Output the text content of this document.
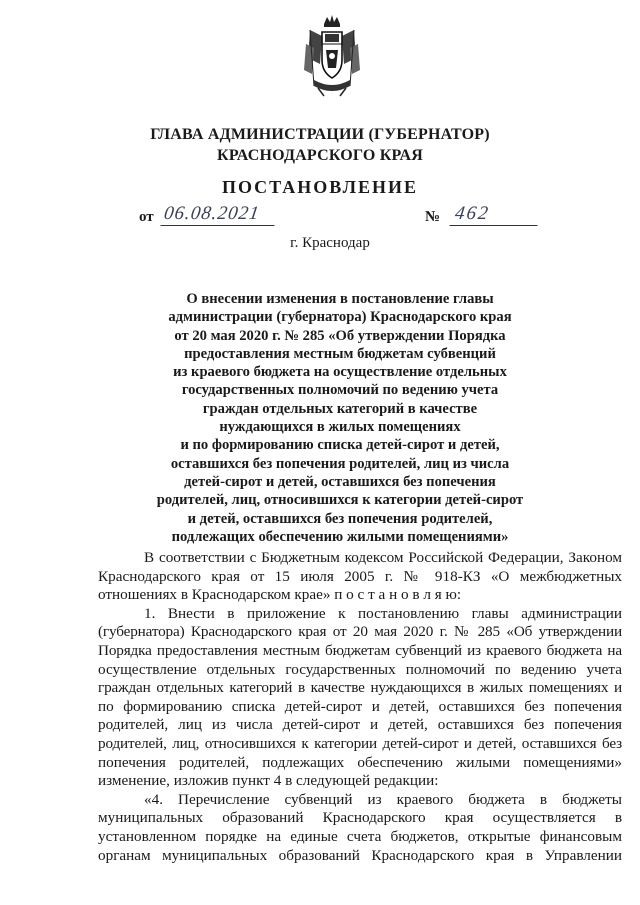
ГЛАВА АДМИНИСТРАЦИИ (ГУБЕРНАТОР)
КРАСНОДАРСКОГО КРАЯ
ПОСТАНОВЛЕНИЕ
от 06.08.2021	№ 462
г. Краснодар
О внесении изменения в постановление главы
администрации (губернатора) Краснодарского края
от 20 мая 2020 г. № 285 «Об утверждении Порядка
предоставления местным бюджетам субвенций
из краевого бюджета на осуществление отдельных
государственных полномочий по ведению учета
граждан отдельных категорий в качестве
нуждающихся в жилых помещениях
и по формированию списка детей-сирот и детей,
оставшихся без попечения родителей, лиц из числа
детей-сирот и детей, оставшихся без попечения
родителей, лиц, относившихся к категории детей-сирот
и детей, оставшихся без попечения родителей,
подлежащих обеспечению жилыми помещениями»
В соответствии с Бюджетным кодексом Российской Федерации, Законом
Краснодарского края от 15 июля 2005 г. № 918-КЗ «О межбюджетных
отношениях в Краснодарском крае» п о с т а н о в л я ю:
1. Внести в приложение к постановлению главы администрации
(губернатора) Краснодарского края от 20 мая 2020 г. № 285 «Об утверждении
Порядка предоставления местным бюджетам субвенций из краевого бюджета на
осуществление отдельных государственных полномочий по ведению учета
граждан отдельных категорий в качестве нуждающихся в жилых помещениях и
по формированию списка детей-сирот и детей, оставшихся без попечения
родителей, лиц из числа детей-сирот и детей, оставшихся без попечения
родителей, лиц, относившихся к категории детей-сирот и детей, оставшихся без
попечения родителей, подлежащих обеспечению жилыми помещениями»
изменение, изложив пункт 4 в следующей редакции:
«4. Перечисление субвенций из краевого бюджета в бюджеты
муниципальных образований Краснодарского края осуществляется в
установленном порядке на единые счета бюджетов, открытые финансовым
органам муниципальных образований Краснодарского края в Управлении
